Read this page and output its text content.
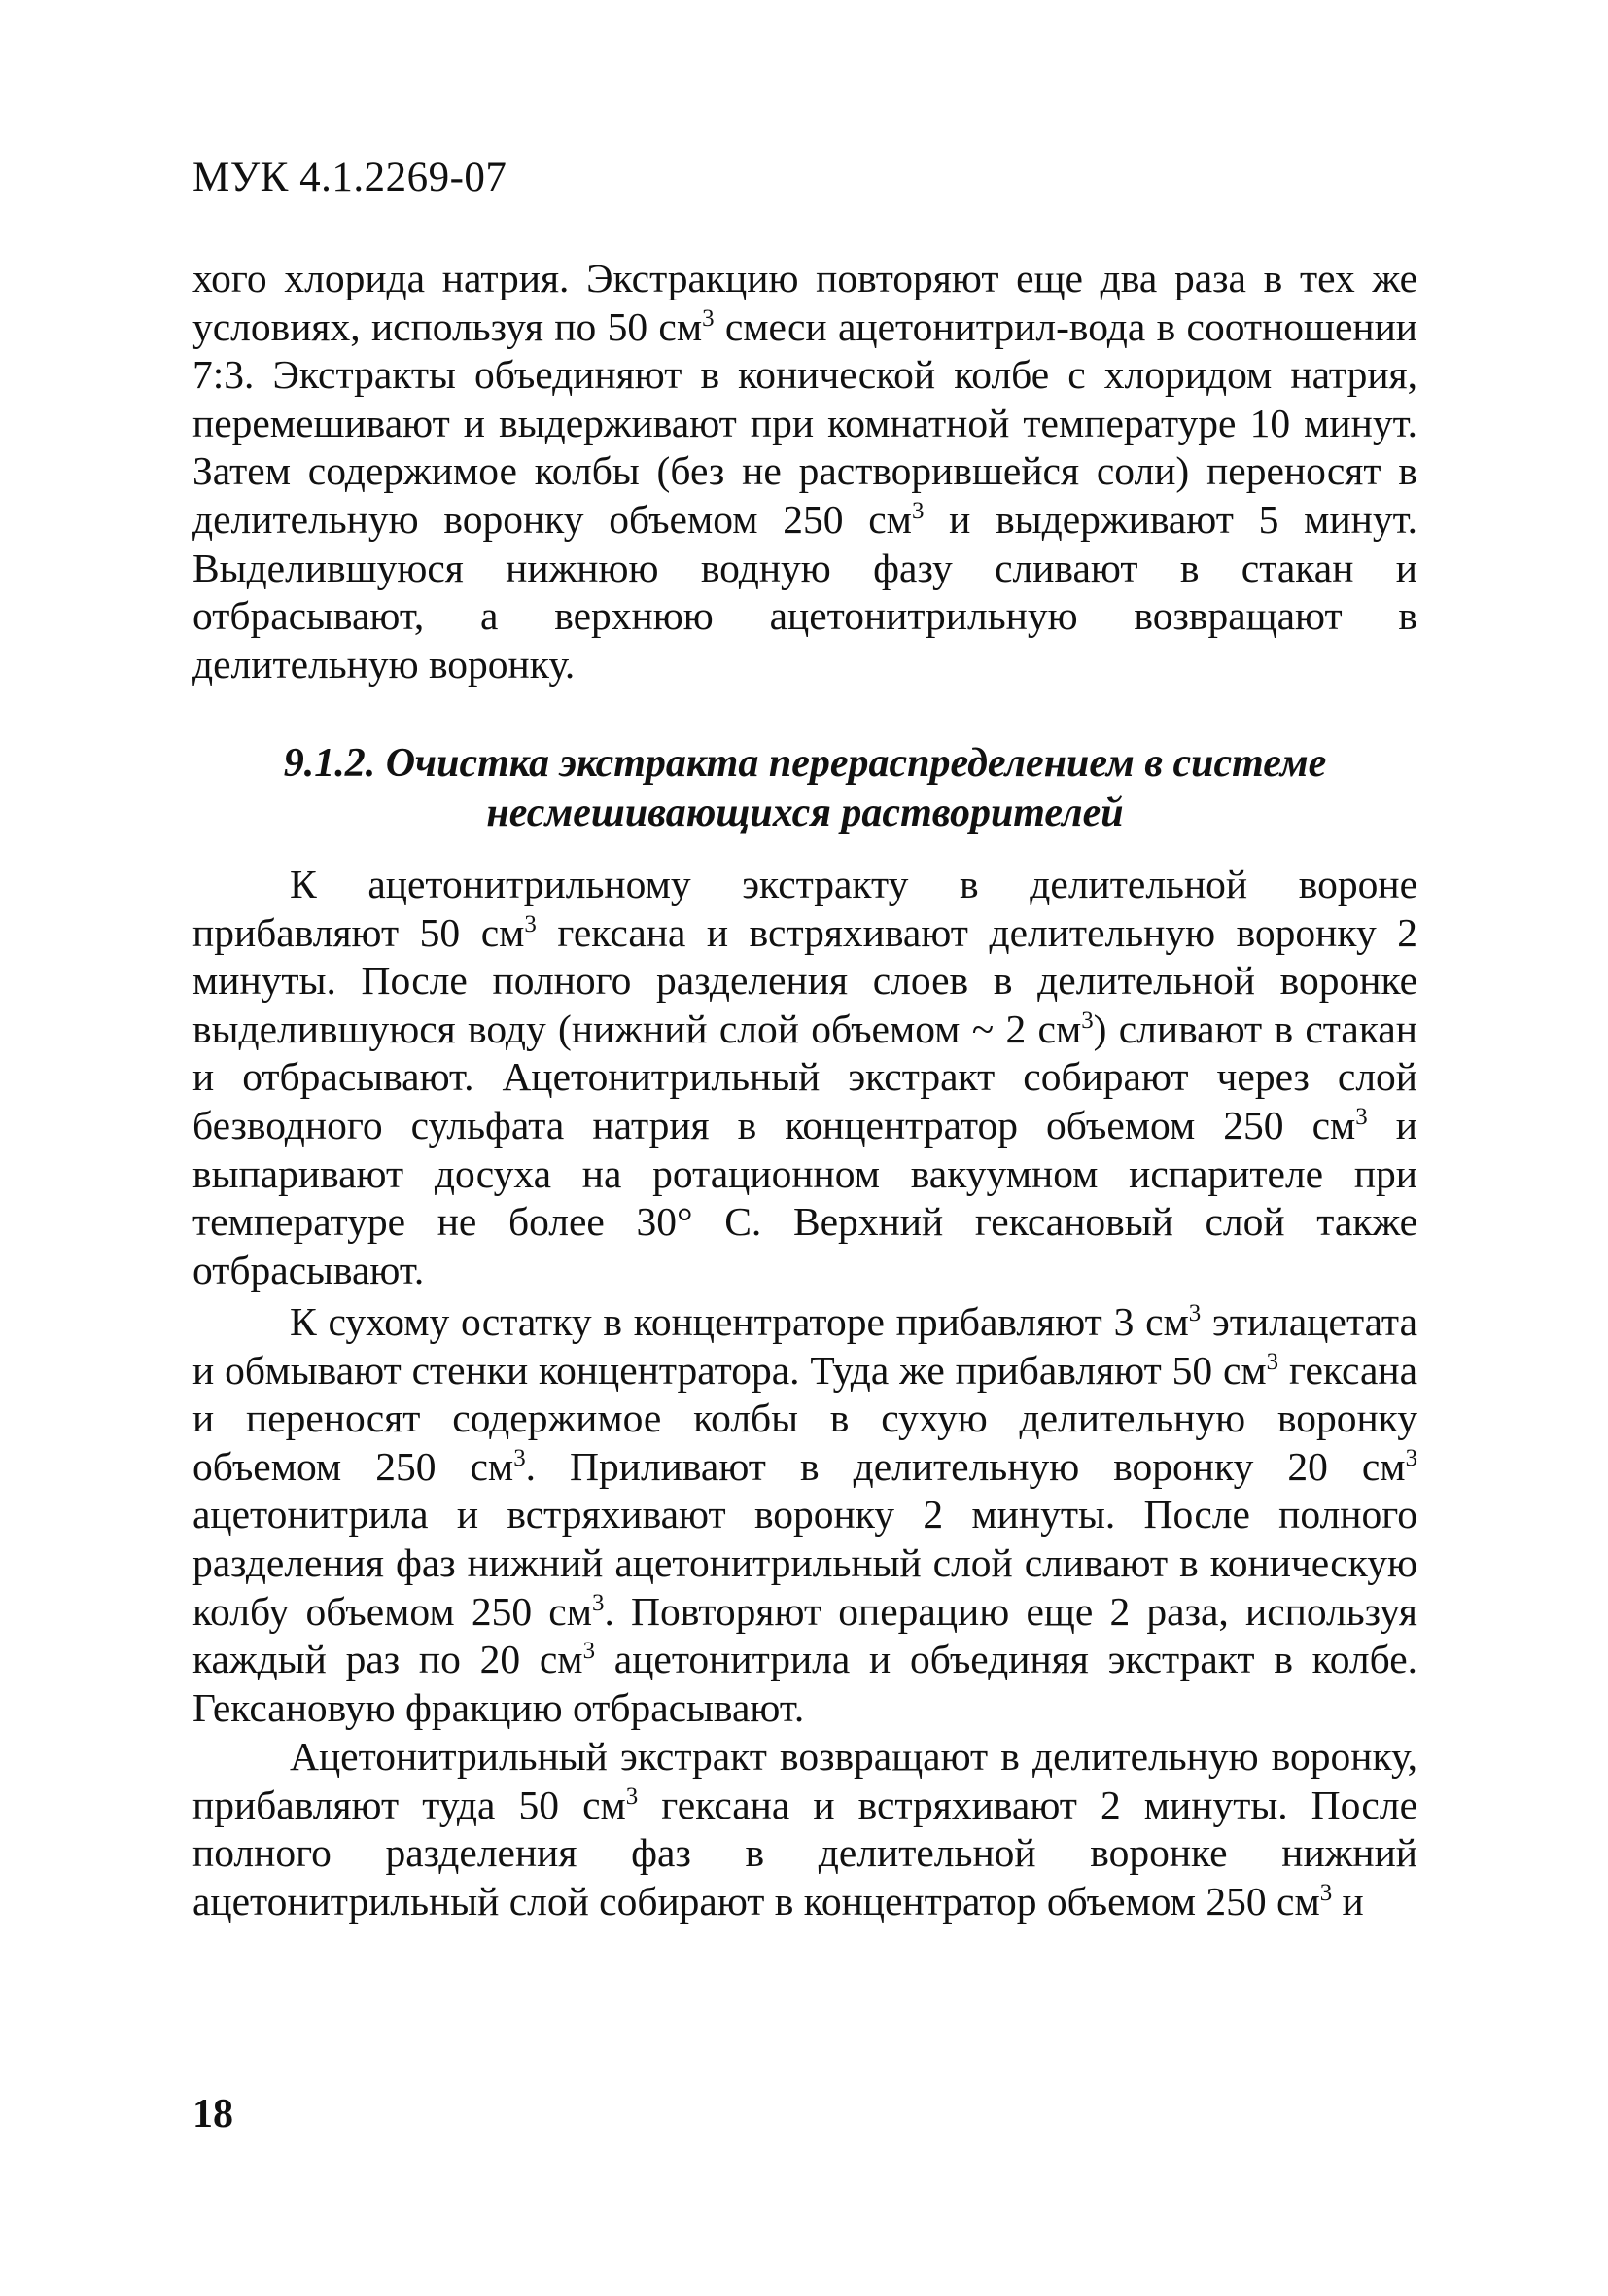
МУК 4.1.2269-07

хого хлорида натрия. Экстракцию повторяют еще два раза в тех же условиях, используя по 50 $см^3$ смеси ацетонитрил-вода в соотношении 7:3. Экстракты объединяют в конической колбе с хлоридом натрия, перемешивают и выдерживают при комнатной температуре 10 минут. Затем содержимое колбы (без не растворившейся соли) переносят в делительную воронку объемом 250 $см^3$ и выдерживают 5 минут. Выделившуюся нижнюю водную фазу сливают в стакан и отбрасывают, а верхнюю ацетонитрильную возвращают в делительную воронку.

9.1.2. Очистка экстракта перераспределением в системе
несмешивающихся растворителей

К ацетонитрильному экстракту в делительной вороне прибавляют 50 $см^3$ гексана и встряхивают делительную воронку 2 минуты. После полного разделения слоев в делительной воронке выделившуюся воду (нижний слой объемом ~ 2 $см^3$) сливают в стакан и отбрасывают. Ацетонитрильный экстракт собирают через слой безводного сульфата натрия в концентратор объемом 250 $см^3$ и выпаривают досуха на ротационном вакуумном испарителе при температуре не более 30° С. Верхний гексановый слой также отбрасывают.

К сухому остатку в концентраторе прибавляют 3 $см^3$ этилацетата и обмывают стенки концентратора. Туда же прибавляют 50 $см^3$ гексана и переносят содержимое колбы в сухую делительную воронку объемом 250 $см^3$. Приливают в делительную воронку 20 $см^3$ ацетонитрила и встряхивают воронку 2 минуты. После полного разделения фаз нижний ацетонитрильный слой сливают в коническую колбу объемом 250 $см^3$. Повторяют операцию еще 2 раза, используя каждый раз по 20 $см^3$ ацетонитрила и объединяя экстракт в колбе. Гексановую фракцию отбрасывают.

Ацетонитрильный экстракт возвращают в делительную воронку, прибавляют туда 50 $см^3$ гексана и встряхивают 2 минуты. После полного разделения фаз в делительной воронке нижний ацетонитрильный слой собирают в концентратор объемом 250 $см^3$ и

18
